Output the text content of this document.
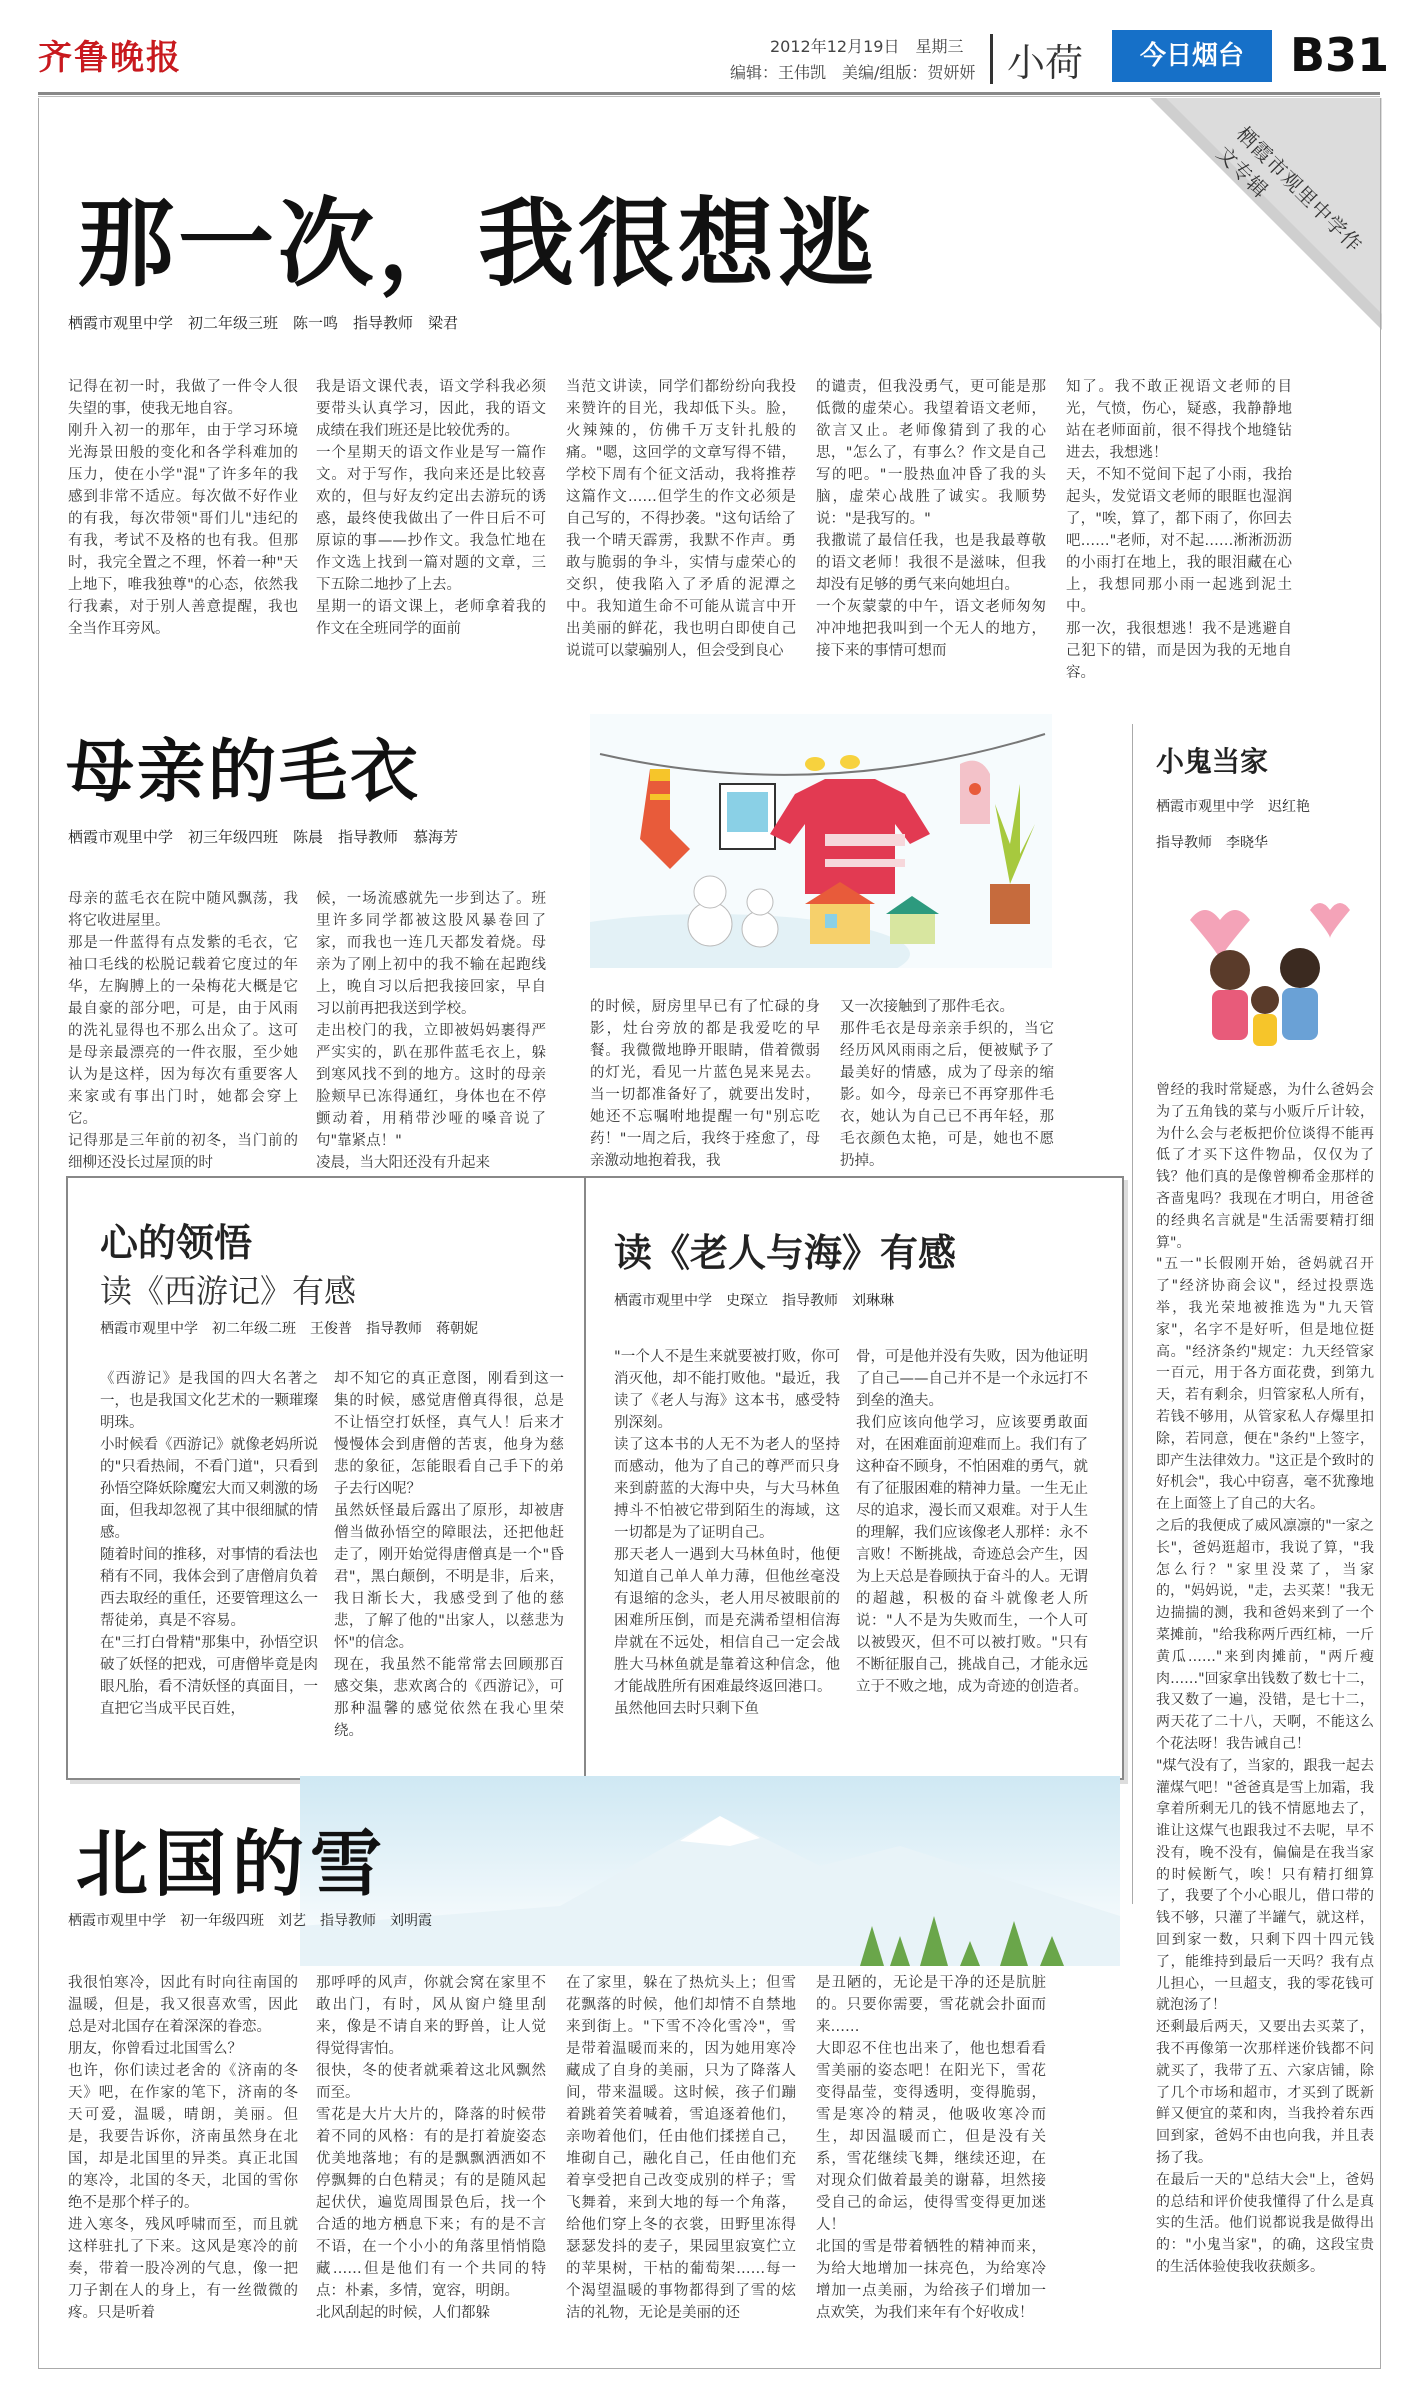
齐鲁晚报	2012年12月19日　星期三
编辑：王伟凯　美编/组版：贺妍妍 小荷	今日烟台	B31
栖霞市观里中学作文专辑
那一次，我很想逃
栖霞市观里中学　初二年级三班　陈一鸣　指导教师　梁君
记得在初一时，我做了一件令人很失望的事，使我无地自容。
刚升入初一的那年，由于学习环境光海景田般的变化和各学科难加的压力，使在小学"混"了许多年的我感到非常不适应。每次做不好作业的有我，每次带领"哥们儿"违纪的有我，考试不及格的也有我。但那时，我完全置之不理，怀着一种"天上地下，唯我独尊"的心态，依然我行我素，对于别人善意提醒，我也全当作耳旁风。
我是语文课代表，语文学科我必须要带头认真学习，因此，我的语文成绩在我们班还是比较优秀的。
一个星期天的语文作业是写一篇作文。对于写作，我向来还是比较喜欢的，但与好友约定出去游玩的诱惑，最终使我做出了一件日后不可原谅的事——抄作文。我急忙地在作文选上找到一篇对题的文章，三下五除二地抄了上去。
星期一的语文课上，老师拿着我的作文在全班同学的面前
当范文讲读，同学们都纷纷向我投来赞许的目光，我却低下头。脸，火辣辣的，仿佛千万支针扎般的痛。"嗯，这回学的文章写得不错，学校下周有个征文活动，我将推荐这篇作文……但学生的作文必须是自己写的，不得抄袭。"这句话给了我一个晴天霹雳，我默不作声。勇敢与脆弱的争斗，实情与虚荣心的交织，使我陷入了矛盾的泥潭之中。我知道生命不可能从谎言中开出美丽的鲜花，我也明白即使自己说谎可以蒙骗别人，但会受到良心
的谴责，但我没勇气，更可能是那低微的虚荣心。我望着语文老师，欲言又止。老师像猜到了我的心思，"怎么了，有事么？作文是自己写的吧。"一股热血冲昏了我的头脑，虚荣心战胜了诚实。我顺势说："是我写的。"
我撒谎了最信任我，也是我最尊敬的语文老师！我很不是滋味，但我却没有足够的勇气来向她坦白。
一个灰蒙蒙的中午，语文老师匆匆冲冲地把我叫到一个无人的地方，接下来的事情可想而
知了。我不敢正视语文老师的目光，气愤，伤心，疑惑，我静静地站在老师面前，很不得找个地缝钻进去，我想逃！
天，不知不觉间下起了小雨，我抬起头，发觉语文老师的眼眶也湿润了，"唉，算了，都下雨了，你回去吧……"老师，对不起……淅淅沥沥的小雨打在地上，我的眼泪藏在心上，我想同那小雨一起逃到泥土中。
那一次，我很想逃！我不是逃避自己犯下的错，而是因为我的无地自容。
母亲的毛衣
栖霞市观里中学　初三年级四班　陈晨　指导教师　慕海芳
母亲的蓝毛衣在院中随风飘荡，我将它收进屋里。
那是一件蓝得有点发紫的毛衣，它袖口毛线的松脱记载着它度过的年华，左胸膊上的一朵梅花大概是它最自豪的部分吧，可是，由于风雨的洗礼显得也不那么出众了。这可是母亲最漂亮的一件衣服，至少她认为是这样，因为每次有重要客人来家或有事出门时，她都会穿上它。
记得那是三年前的初冬，当门前的细柳还没长过屋顶的时
候，一场流感就先一步到达了。班里许多同学都被这股风暴卷回了家，而我也一连几天都发着烧。母亲为了刚上初中的我不输在起跑线上，晚自习以后把我接回家，早自习以前再把我送到学校。
走出校门的我，立即被妈妈裹得严严实实的，趴在那件蓝毛衣上，躲到寒风找不到的地方。这时的母亲脸颊早已冻得通红，身体也在不停颤动着，用稍带沙哑的嗓音说了句"靠紧点！"
凌晨，当大阳还没有升起来
的时候，厨房里早已有了忙碌的身影，灶台旁放的都是我爱吃的早餐。我微微地睁开眼睛，借着微弱的灯光，看见一片蓝色晃来晃去。当一切都准备好了，就要出发时，她还不忘嘱咐地提醒一句"别忘吃药！"一周之后，我终于痊愈了，母亲激动地抱着我，我
又一次接触到了那件毛衣。
那件毛衣是母亲亲手织的，当它经历风风雨雨之后，便被赋予了最美好的情感，成为了母亲的缩影。如今，母亲已不再穿那件毛衣，她认为自己已不再年轻，那毛衣颜色太艳，可是，她也不愿扔掉。
心的领悟
读《西游记》有感
栖霞市观里中学　初二年级二班　王俊普　指导教师　蒋朝妮
《西游记》是我国的四大名著之一，也是我国文化艺术的一颗璀璨明珠。
小时候看《西游记》就像老妈所说的"只看热闹，不看门道"，只看到孙悟空降妖除魔宏大而又刺激的场面，但我却忽视了其中很细腻的情感。
随着时间的推移，对事情的看法也稍有不同，我体会到了唐僧肩负着西去取经的重任，还要管理这么一帮徒弟，真是不容易。
在"三打白骨精"那集中，孙悟空识破了妖怪的把戏，可唐僧毕竟是肉眼凡胎，看不清妖怪的真面目，一直把它当成平民百姓，
却不知它的真正意图，刚看到这一集的时候，感觉唐僧真得很，总是不让悟空打妖怪，真气人！后来才慢慢体会到唐僧的苦衷，他身为慈悲的象征，怎能眼看自己手下的弟子去行凶呢？
虽然妖怪最后露出了原形，却被唐僧当做孙悟空的障眼法，还把他赶走了，刚开始觉得唐僧真是一个"昏君"，黑白颠倒，不明是非，后来，我日渐长大，我感受到了他的慈悲，了解了他的"出家人，以慈悲为怀"的信念。
现在，我虽然不能常常去回顾那百感交集，悲欢离合的《西游记》，可那种温馨的感觉依然在我心里荣绕。
读《老人与海》有感
栖霞市观里中学　史琛立　指导教师　刘琳琳
"一个人不是生来就要被打败，你可消灭他，却不能打败他。"最近，我读了《老人与海》这本书，感受特别深刻。
读了这本书的人无不为老人的坚持而感动，他为了自己的尊严而只身来到蔚蓝的大海中央，与大马林鱼搏斗不怕被它带到陌生的海域，这一切都是为了证明自己。
那天老人一遇到大马林鱼时，他便知道自己单人单力薄，但他丝毫没有退缩的念头，老人用尽被眼前的困难所压倒，而是充满希望相信海岸就在不远处，相信自己一定会战胜大马林鱼就是靠着这种信念，他才能战胜所有困难最终返回港口。
虽然他回去时只剩下鱼
骨，可是他并没有失败，因为他证明了自己——自己并不是一个永远打不到垒的渔夫。
我们应该向他学习，应该要勇敢面对，在困难面前迎难而上。我们有了这种奋不顾身，不怕困难的勇气，就有了征服困难的精神力量。一生无止尽的追求，漫长而又艰难。对于人生的理解，我们应该像老人那样：永不言败！不断挑战，奇迹总会产生，因为上天总是眷顾执于奋斗的人。无谓的超越，积极的奋斗就像老人所说："人不是为失败而生，一个人可以被毁灭，但不可以被打败。"只有不断征服自己，挑战自己，才能永远立于不败之地，成为奇迹的创造者。
北国的雪
栖霞市观里中学　初一年级四班　刘艺　指导教师　刘明霞
我很怕寒冷，因此有时向往南国的温暖，但是，我又很喜欢雪，因此总是对北国存在着深深的眷恋。
朋友，你曾看过北国雪么？
也许，你们读过老舍的《济南的冬天》吧，在作家的笔下，济南的冬天可爱，温暖，晴朗，美丽。但是，我要告诉你，济南虽然身在北国，却是北国里的异类。真正北国的寒冷，北国的冬天，北国的雪你绝不是那个样子的。
进入寒冬，残风呼啸而至，而且就这样驻扎了下来。这风是寒冷的前奏，带着一股冷冽的气息，像一把刀子割在人的身上，有一丝微微的疼。只是听着
那呼呼的风声，你就会窝在家里不敢出门，有时，风从窗户缝里刮来，像是不请自来的野兽，让人觉得觉得害怕。
很快，冬的使者就乘着这北风飘然而至。
雪花是大片大片的，降落的时候带着不同的风格：有的是打着旋姿态优美地落地；有的是飘飘洒洒如不停飘舞的白色精灵；有的是随风起起伏伏，遍览周围景色后，找一个合适的地方栖息下来；有的是不言不语，在一个小小的角落里悄悄隐藏……但是他们有一个共同的特点：朴素，多情，宽容，明朗。
北风刮起的时候，人们都躲
在了家里，躲在了热炕头上；但雪花飘落的时候，他们却情不自禁地来到街上。"下雪不冷化雪冷"，雪是带着温暖而来的，因为她用寒冷藏成了自身的美丽，只为了降落人间，带来温暖。这时候，孩子们蹦着跳着笑着喊着，雪追逐着他们，亲吻着他们，任由他们揉搓自己，堆砌自己，融化自己，任由他们充着享受把自己改变成别的样子；雪飞舞着，来到大地的每一个角落，给他们穿上冬的衣裳，田野里冻得瑟瑟发抖的麦子，果园里寂寞伫立的苹果树，干枯的葡萄架……每一个渴望温暖的事物都得到了雪的炫洁的礼物，无论是美丽的还
是丑陋的，无论是干净的还是肮脏的。只要你需要，雪花就会扑面而来……
大即忍不住也出来了，他也想看看雪美丽的姿态吧！在阳光下，雪花变得晶莹，变得透明，变得脆弱，雪是寒冷的精灵，他吸收寒冷而生，却因温暖而亡，但是没有关系，雪花继续飞舞，继续还迎，在对现众们做着最美的谢幕，坦然接受自己的命运，使得雪变得更加迷人！
北国的雪是带着牺牲的精神而来，为给大地增加一抹亮色，为给寒冷增加一点美丽，为给孩子们增加一点欢笑，为我们来年有个好收成！
小鬼当家
栖霞市观里中学　迟红艳
指导教师　李晓华
曾经的我时常疑惑，为什么爸妈会为了五角钱的菜与小贩斤斤计较，为什么会与老板把价位谈得不能再低了才买下这件物品，仅仅为了钱？他们真的是像曾柳希金那样的吝啬鬼吗？我现在才明白，用爸爸的经典名言就是"生活需要精打细算"。
"五一"长假刚开始，爸妈就召开了"经济协商会议"，经过投票选举，我光荣地被推选为"九天管家"，名字不是好听，但是地位挺高。"经济条约"规定：九天经管家一百元，用于各方面花费，到第九天，若有剩余，归管家私人所有，若钱不够用，从管家私人存爆里扣除，若同意，便在"条约"上签字，即产生法律效力。"这正是个致时的好机会"，我心中窃喜，毫不犹豫地在上面签上了自己的大名。
之后的我便成了威风凛凛的"一家之长"，爸妈逛超市，我说了算，"我怎么行？"家里没菜了，当家的，"妈妈说，"走，去买菜！"我无边揣揣的测，我和爸妈来到了一个菜摊前，"给我称两斤西红柿，一斤黄瓜……"来到肉摊前，"两斤瘦肉……"回家拿出钱数了数七十二，我又数了一遍，没错，是七十二，两天花了二十八，天啊，不能这么个花法呀！我告诫自己！
"煤气没有了，当家的，跟我一起去灌煤气吧！"爸爸真是雪上加霜，我拿着所剩无几的钱不情愿地去了，谁让这煤气也跟我过不去呢，早不没有，晚不没有，偏偏是在我当家的时候断气，唉！只有精打细算了，我要了个小心眼儿，借口带的钱不够，只灌了半罐气，就这样，回到家一数，只剩下四十四元钱了，能维持到最后一天吗？我有点儿担心，一旦超支，我的零花钱可就泡汤了！
还剩最后两天，又要出去买菜了，我不再像第一次那样迷价钱都不问就买了，我带了五、六家店铺，除了几个市场和超市，才买到了既新鲜又便宜的菜和肉，当我拎着东西回到家，爸妈不由也向我，并且表扬了我。
在最后一天的"总结大会"上，爸妈的总结和评价使我懂得了什么是真实的生活。他们说都说我是做得出的："小鬼当家"，的确，这段宝贵的生活体验使我收获颇多。
